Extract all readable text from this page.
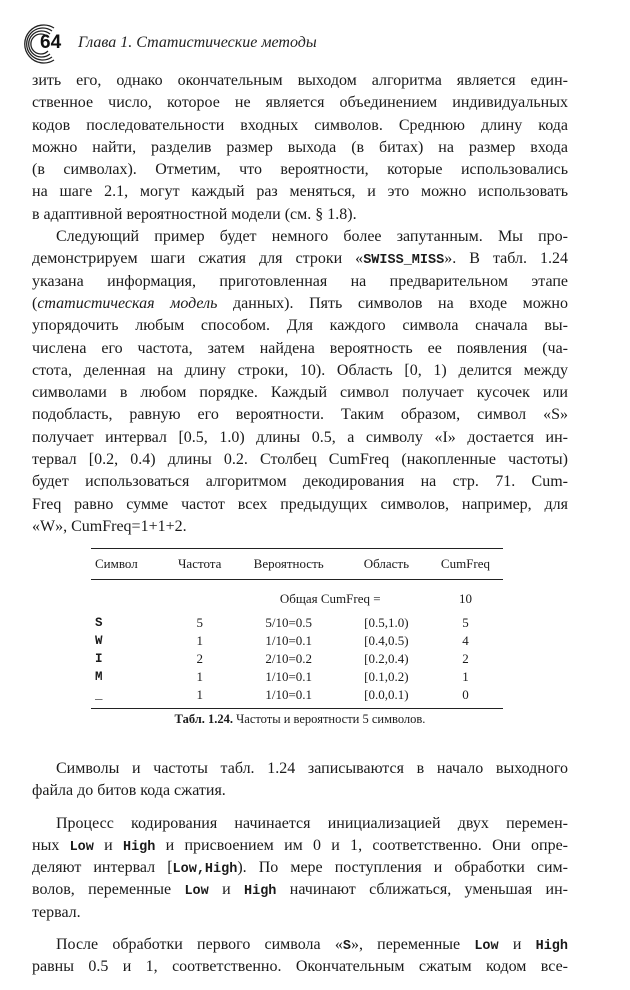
64 Глава 1. Статистические методы
зить его, однако окончательным выходом алгоритма является един-
ственное число, которое не является объединением индивидуальных
кодов последовательности входных символов. Среднюю длину кода
можно найти, разделив размер выхода (в битах) на размер входа
(в символах). Отметим, что вероятности, которые использовались
на шаге 2.1, могут каждый раз меняться, и это можно использовать
в адаптивной вероятностной модели (см. § 1.8).
Следующий пример будет немного более запутанным. Мы про-
демонстрируем шаги сжатия для строки «SWISS_MISS». В табл. 1.24
указана информация, приготовленная на предварительном этапе
(статистическая модель данных). Пять символов на входе можно
упорядочить любым способом. Для каждого символа сначала вы-
числена его частота, затем найдена вероятность ее появления (ча-
стота, деленная на длину строки, 10). Область [0, 1) делится между
символами в любом порядке. Каждый символ получает кусочек или
подобласть, равную его вероятности. Таким образом, символ «S»
получает интервал [0.5, 1.0) длины 0.5, а символу «I» достается ин-
тервал [0.2, 0.4) длины 0.2. Столбец CumFreq (накопленные частоты)
будет использоваться алгоритмом декодирования на стр. 71. Cum-
Freq равно сумме частот всех предыдущих символов, например, для
«W», CumFreq=1+1+2.
Символ	Частота	Вероятность	Область	CumFreq
		Общая CumFreq =		10
S	5	5/10=0.5	[0.5,1.0)	5
W	1	1/10=0.1	[0.4,0.5)	4
I	2	2/10=0.2	[0.2,0.4)	2
M	1	1/10=0.1	[0.1,0.2)	1
_	1	1/10=0.1	[0.0,0.1)	0
Табл. 1.24. Частоты и вероятности 5 символов.
Символы и частоты табл. 1.24 записываются в начало выходного
файла до битов кода сжатия.
Процесс кодирования начинается инициализацией двух перемен-
ных Low и High и присвоением им 0 и 1, соответственно. Они опре-
деляют интервал [Low,High). По мере поступления и обработки сим-
волов, переменные Low и High начинают сближаться, уменьшая ин-
тервал.
После обработки первого символа «S», переменные Low и High
равны 0.5 и 1, соответственно. Окончательным сжатым кодом все-
